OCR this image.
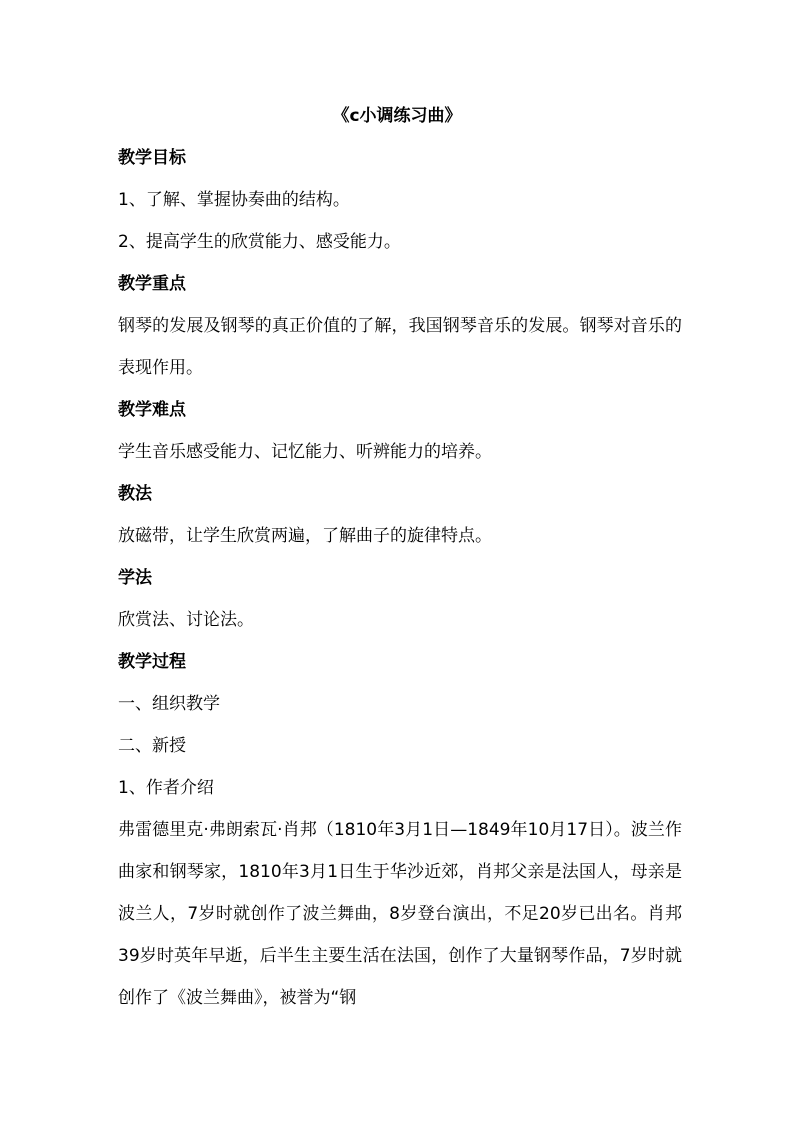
《c小调练习曲》
教学目标
1、了解、掌握协奏曲的结构。
2、提高学生的欣赏能力、感受能力。
教学重点
钢琴的发展及钢琴的真正价值的了解，我国钢琴音乐的发展。钢琴对音乐的表现作用。
教学难点
学生音乐感受能力、记忆能力、听辨能力的培养。
教法
放磁带，让学生欣赏两遍，了解曲子的旋律特点。
学法
欣赏法、讨论法。
教学过程
一、组织教学
二、新授
1、作者介绍
弗雷德里克·弗朗索瓦·肖邦（1810年3月1日—1849年10月17日）。波兰作曲家和钢琴家，1810年3月1日生于华沙近郊，肖邦父亲是法国人，母亲是波兰人，7岁时就创作了波兰舞曲，8岁登台演出，不足20岁已出名。肖邦39岁时英年早逝，后半生主要生活在法国，创作了大量钢琴作品，7岁时就创作了《波兰舞曲》，被誉为“钢
